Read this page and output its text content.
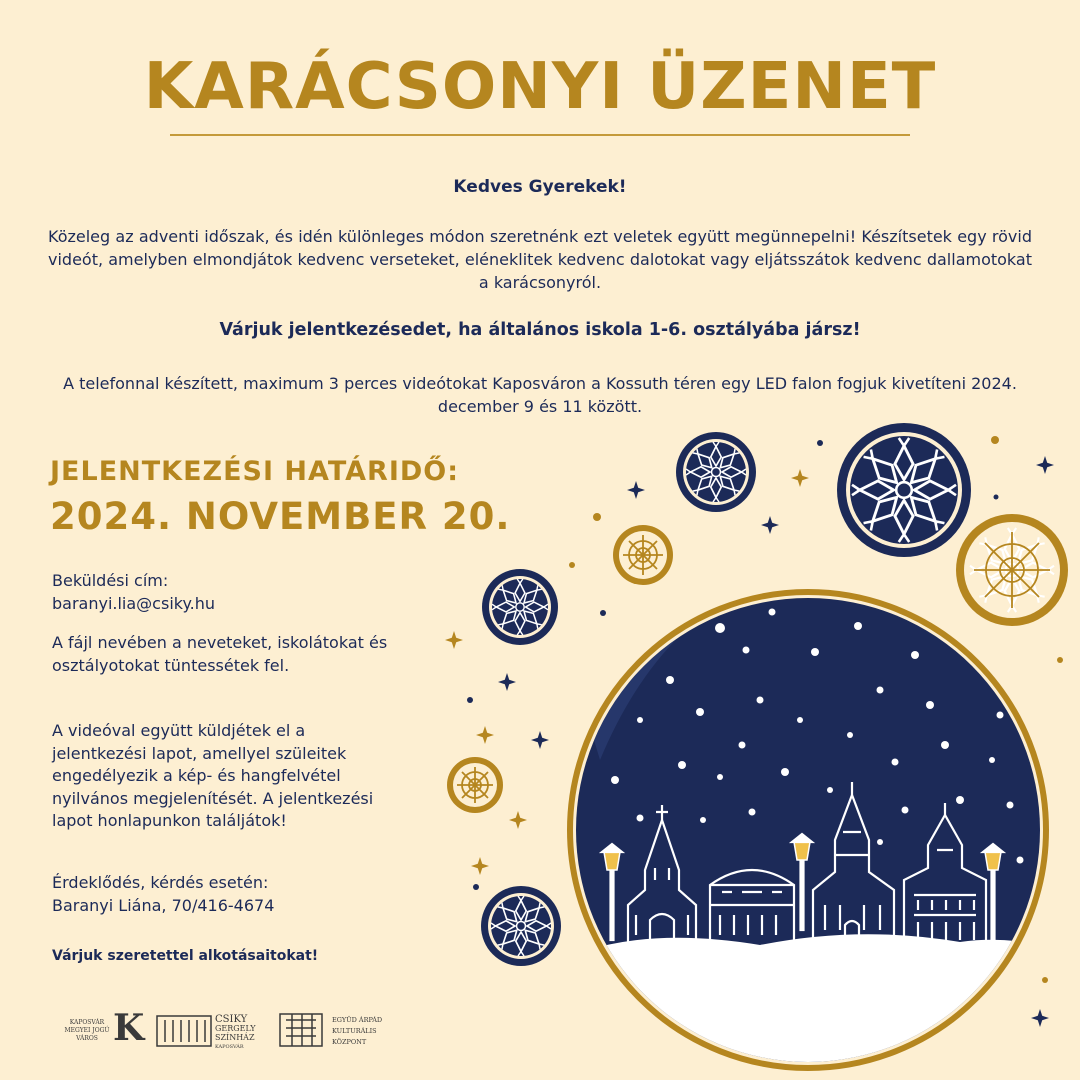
KARÁCSONYI ÜZENET
Kedves Gyerekek!
Közeleg az adventi időszak, és idén különleges módon szeretnénk ezt veletek együtt megünnepelni! Készítsetek egy rövid videót, amelyben elmondjátok kedvenc verseteket, eléneklitek kedvenc dalotokat vagy eljátsszátok kedvenc dallamotokat a karácsonyról.
Várjuk jelentkezésedet, ha általános iskola 1-6. osztályába jársz!
A telefonnal készített, maximum 3 perces videótokat Kaposváron a Kossuth téren egy LED falon fogjuk kivetíteni 2024. december 9 és 11 között.
JELENTKEZÉSI HATÁRIDŐ:
2024. NOVEMBER 20.
Beküldési cím:
baranyi.lia@csiky.hu
A fájl nevében a neveteket, iskolátokat és osztályotokat tüntessétek fel.
A videóval együtt küldjétek el a jelentkezési lapot, amellyel szüleitek engedélyezik a kép- és hangfelvétel nyilvános megjelenítését. A jelentkezési lapot honlapunkon találjátok!
Érdeklődés, kérdés esetén:
Baranyi Liána, 70/416-4674
Várjuk szeretettel alkotásaitokat!
K
KAPOSVÁR
MEGYEI JOGÚ
VÁROS
CSIKY
GERGELY
SZÍNHÁZ
KAPOSVÁR
EGYÜD ÁRPÁD
KULTURÁLIS
KÖZPONT
